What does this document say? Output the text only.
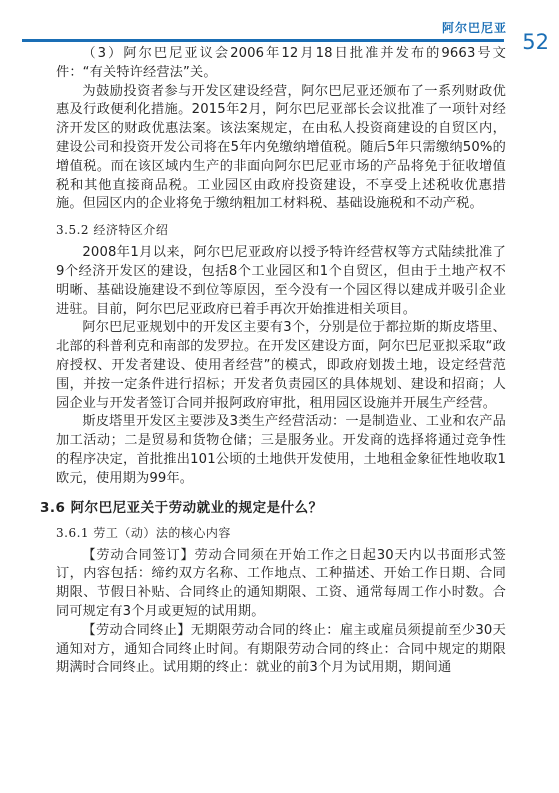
阿尔巴尼亚
52

（3）阿尔巴尼亚议会2006年12月18日批准并发布的9663号文件：“有关特许经营法”关。

为鼓励投资者参与开发区建设经营，阿尔巴尼亚还颁布了一系列财政优惠及行政便利化措施。2015年2月，阿尔巴尼亚部长会议批准了一项针对经济开发区的财政优惠法案。该法案规定，在由私人投资商建设的自贸区内，建设公司和投资开发公司将在5年内免缴纳增值税。随后5年只需缴纳50%的增值税。而在该区域内生产的非面向阿尔巴尼亚市场的产品将免于征收增值税和其他直接商品税。工业园区由政府投资建设，不享受上述税收优惠措施。但园区内的企业将免于缴纳粗加工材料税、基础设施税和不动产税。

3.5.2 经济特区介绍

2008年1月以来，阿尔巴尼亚政府以授予特许经营权等方式陆续批准了9个经济开发区的建设，包括8个工业园区和1个自贸区，但由于土地产权不明晰、基础设施建设不到位等原因，至今没有一个园区得以建成并吸引企业进驻。目前，阿尔巴尼亚政府已着手再次开始推进相关项目。

阿尔巴尼亚规划中的开发区主要有3个，分别是位于都拉斯的斯皮塔里、北部的科普利克和南部的发罗拉。在开发区建设方面，阿尔巴尼亚拟采取“政府授权、开发者建设、使用者经营”的模式，即政府划拨土地，设定经营范围，并按一定条件进行招标；开发者负责园区的具体规划、建设和招商；人园企业与开发者签订合同并报阿政府审批，租用园区设施并开展生产经营。

斯皮塔里开发区主要涉及3类生产经营活动：一是制造业、工业和农产品加工活动；二是贸易和货物仓储；三是服务业。开发商的选择将通过竞争性的程序决定，首批推出101公顷的土地供开发使用，土地租金象征性地收取1欧元，使用期为99年。

3.6 阿尔巴尼亚关于劳动就业的规定是什么？
3.6.1 劳工（动）法的核心内容

【劳动合同签订】劳动合同须在开始工作之日起30天内以书面形式签订，内容包括：缔约双方名称、工作地点、工种描述、开始工作日期、合同期限、节假日补贴、合同终止的通知期限、工资、通常每周工作小时数。合同可规定有3个月或更短的试用期。

【劳动合同终止】无期限劳动合同的终止：雇主或雇员须提前至少30天通知对方，通知合同终止时间。有期限劳动合同的终止：合同中规定的期限期满时合同终止。试用期的终止：就业的前3个月为试用期，期间通
